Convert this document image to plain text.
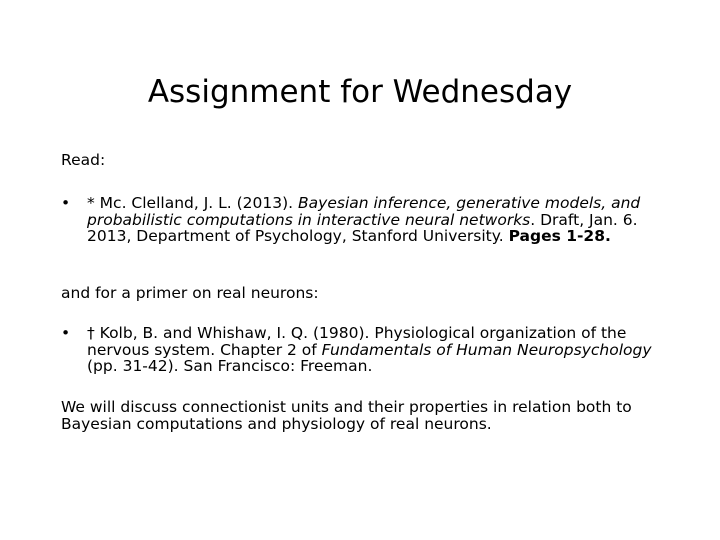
Assignment for Wednesday

Read:

•	* Mc. Clelland, J. L. (2013). Bayesian inference, generative models, and probabilistic computations in interactive neural networks. Draft, Jan. 6. 2013, Department of Psychology, Stanford University. Pages 1-28.

and for a primer on real neurons:

•	† Kolb, B. and Whishaw, I. Q. (1980). Physiological organization of the nervous system. Chapter 2 of Fundamentals of Human Neuropsychology (pp. 31-42). San Francisco: Freeman.

We will discuss connectionist units and their properties in relation both to Bayesian computations and physiology of real neurons.
